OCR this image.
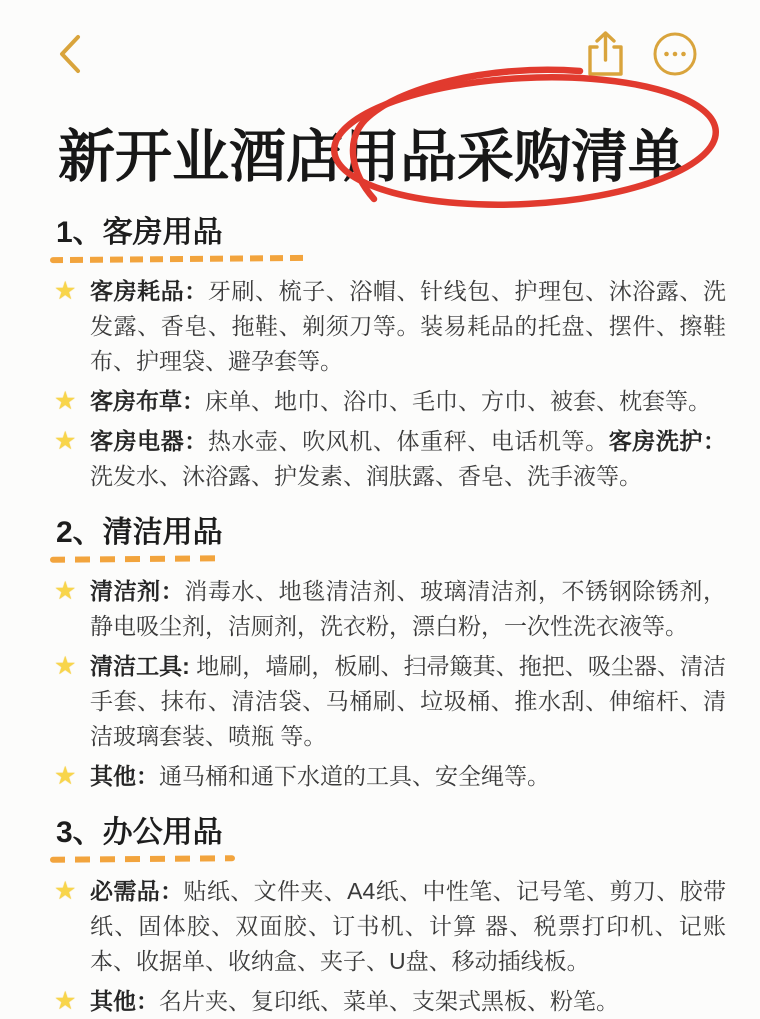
新开业酒店用品采购清单
1、客房用品
★ 客房耗品：牙刷、梳子、浴帽、针线包、护理包、沐浴露、洗发露、香皂、拖鞋、剃须刀等。装易耗品的托盘、摆件、擦鞋布、护理袋、避孕套等。
★ 客房布草：床单、地巾、浴巾、毛巾、方巾、被套、枕套等。
★ 客房电器：热水壶、吹风机、体重秤、电话机等。客房洗护：洗发水、沐浴露、护发素、润肤露、香皂、洗手液等。
2、清洁用品
★ 清洁剂：消毒水、地毯清洁剂、玻璃清洁剂，不锈钢除锈剂，静电吸尘剂，洁厕剂，洗衣粉，漂白粉，一次性洗衣液等。
★ 清洁工具: 地刷，墙刷，板刷、扫帚簸萁、拖把、吸尘器、清洁手套、抹布、清洁袋、马桶刷、垃圾桶、推水刮、伸缩杆、清洁玻璃套装、喷瓶 等。
★ 其他：通马桶和通下水道的工具、安全绳等。
3、办公用品
★ 必需品：贴纸、文件夹、A4纸、中性笔、记号笔、剪刀、胶带纸、固体胶、双面胶、订书机、计算 器、税票打印机、记账本、收据单、收纳盒、夹子、U盘、移动插线板。
★ 其他：名片夹、复印纸、菜单、支架式黑板、粉笔。
